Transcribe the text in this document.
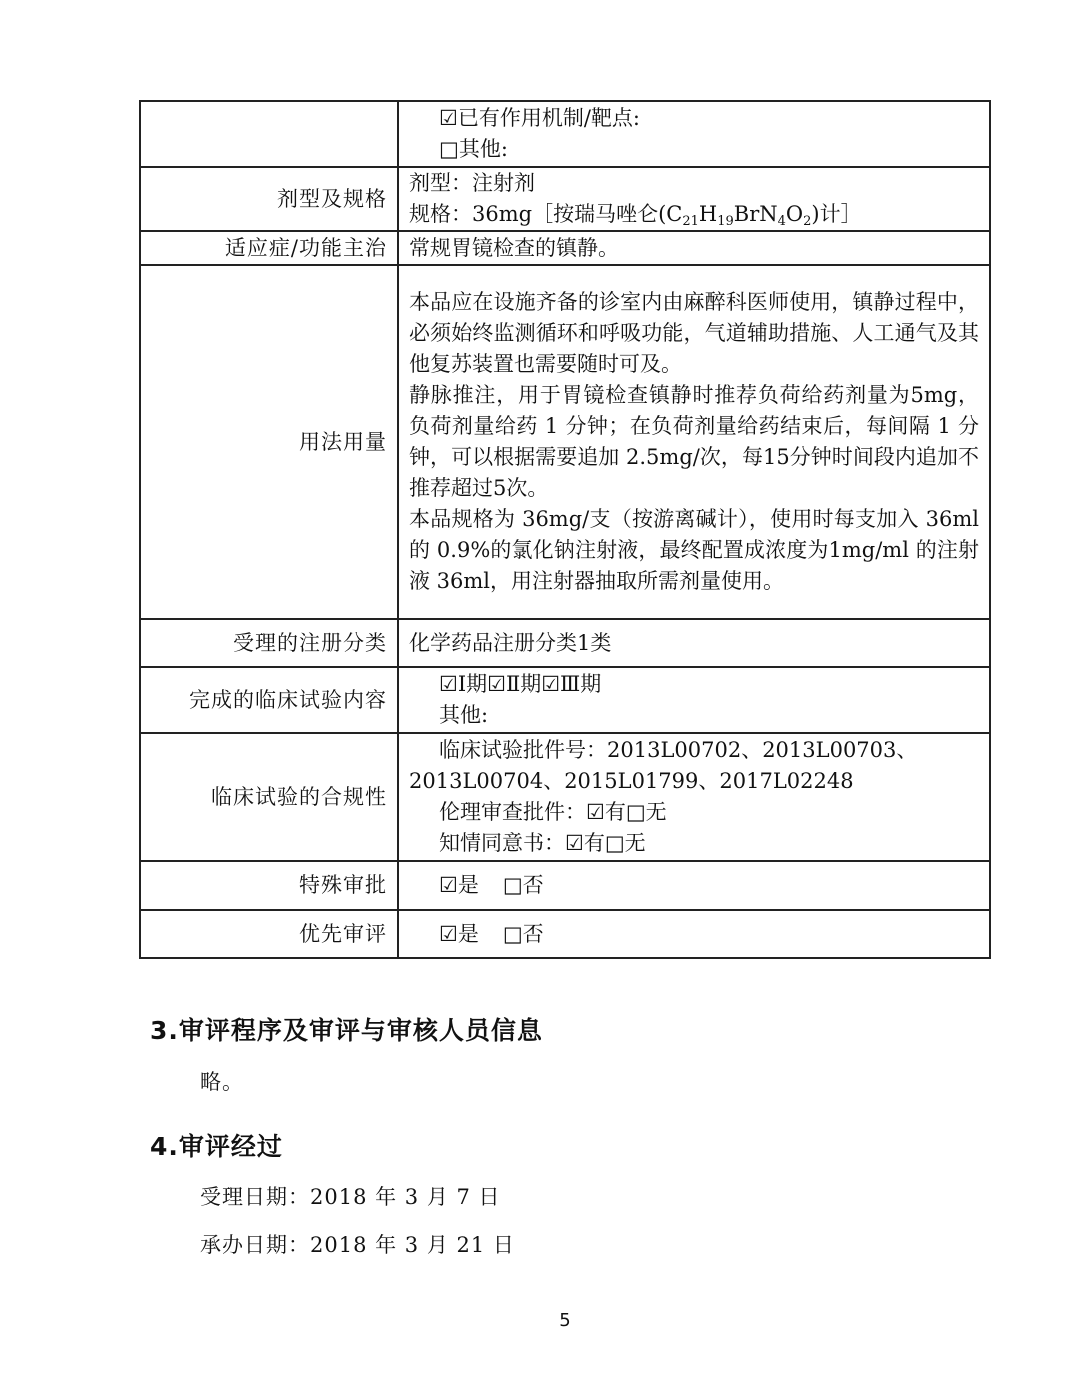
	☑已有作用机制/靶点:
□其他:

剂型及规格	剂型：注射剂
规格：36mg［按瑞马唑仑$(C_{21}H_{19}BrN_4O_2)$计］

适应症/功能主治	常规胃镜检查的镇静。
用法用量	本品应在设施齐备的诊室内由麻醉科医师使用，镇静过程中，必须始终监测循环和呼吸功能，气道辅助措施、人工通气及其他复苏装置也需要随时可及。
静脉推注，用于胃镜检查镇静时推荐负荷给药剂量为5mg，负荷剂量给药 1 分钟；在负荷剂量给药结束后，每间隔 1 分钟，可以根据需要追加 2.5mg/次，每15分钟时间段内追加不推荐超过5次。
本品规格为 36mg/支（按游离碱计），使用时每支加入 36ml 的 0.9%的氯化钠注射液，最终配置成浓度为1mg/ml 的注射液 36ml，用注射器抽取所需剂量使用。

受理的注册分类	化学药品注册分类1类
完成的临床试验内容	☑Ⅰ期☑Ⅱ期☑Ⅲ期
其他:

临床试验的合规性	临床试验批件号：2013L00702、2013L00703、
2013L00704、2015L01799、2017L02248
伦理审查批件：☑有□无
知情同意书：☑有□无

特殊审批	☑是 □否
优先审评	☑是 □否
3.审评程序及审评与审核人员信息
略。
4.审评经过
受理日期：2018 年 3 月 7 日
承办日期：2018 年 3 月 21 日
5
